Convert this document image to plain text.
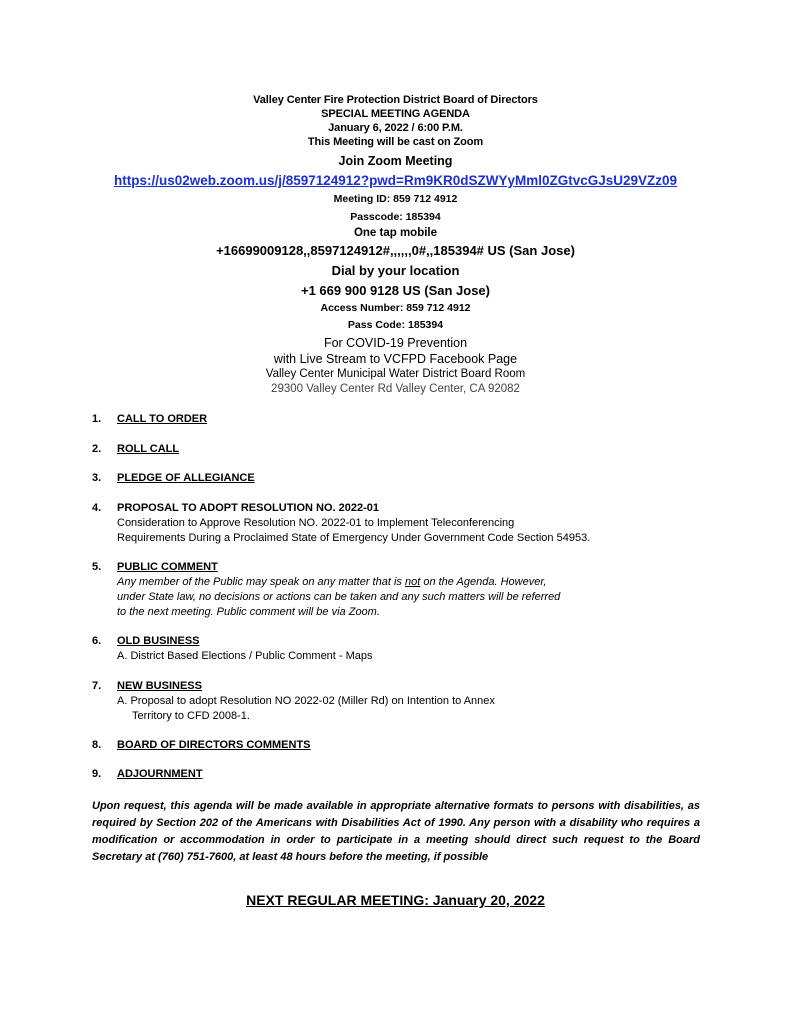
Valley Center Fire Protection District Board of Directors
SPECIAL MEETING AGENDA
January 6, 2022 / 6:00 P.M.
This Meeting will be cast on Zoom
Join Zoom Meeting
https://us02web.zoom.us/j/8597124912?pwd=Rm9KR0dSZWYyMml0ZGtvcGJsU29VZz09
Meeting ID: 859 712 4912
Passcode: 185394
One tap mobile
+16699009128,,8597124912#,,,,,,0#,,185394# US (San Jose)
Dial by your location
+1 669 900 9128 US (San Jose)
Access Number: 859 712 4912
Pass Code: 185394
For COVID-19 Prevention
with Live Stream to VCFPD Facebook Page
Valley Center Municipal Water District Board Room
29300 Valley Center Rd Valley Center, CA 92082
1. CALL TO ORDER
2. ROLL CALL
3. PLEDGE OF ALLEGIANCE
4. PROPOSAL TO ADOPT RESOLUTION NO. 2022-01
Consideration to Approve Resolution NO. 2022-01 to Implement Teleconferencing
Requirements During a Proclaimed State of Emergency Under Government Code Section 54953.
5. PUBLIC COMMENT
Any member of the Public may speak on any matter that is not on the Agenda. However,
under State law, no decisions or actions can be taken and any such matters will be referred
to the next meeting. Public comment will be via Zoom.
6. OLD BUSINESS
A. District Based Elections / Public Comment - Maps
7. NEW BUSINESS
A. Proposal to adopt Resolution NO 2022-02 (Miller Rd) on Intention to Annex
Territory to CFD 2008-1.
8. BOARD OF DIRECTORS COMMENTS
9. ADJOURNMENT
Upon request, this agenda will be made available in appropriate alternative formats to persons with disabilities, as required by Section 202 of the Americans with Disabilities Act of 1990. Any person with a disability who requires a modification or accommodation in order to participate in a meeting should direct such request to the Board Secretary at (760) 751-7600, at least 48 hours before the meeting, if possible
NEXT REGULAR MEETING: January 20, 2022
